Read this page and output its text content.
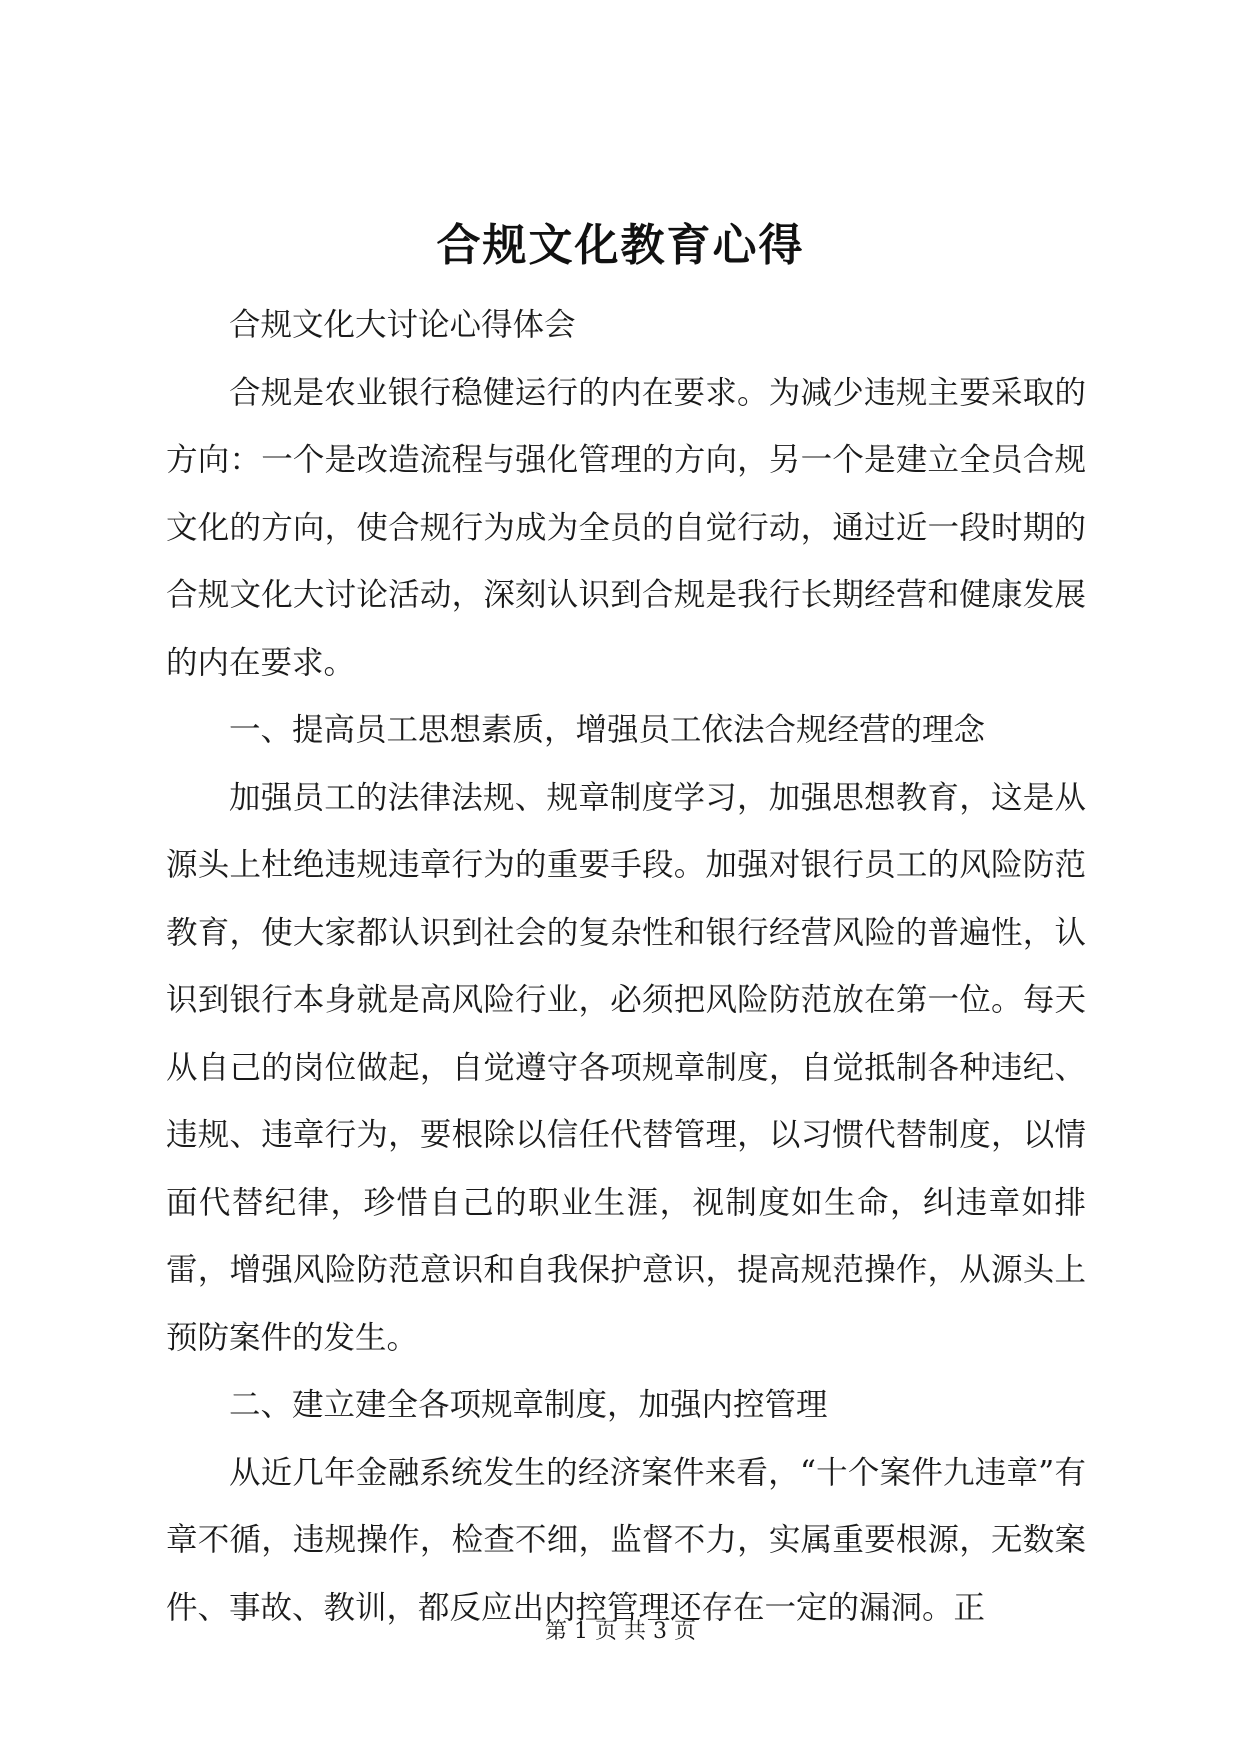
合规文化教育心得

合规文化大讨论心得体会

合规是农业银行稳健运行的内在要求。为减少违规主要采取的方向：一个是改造流程与强化管理的方向，另一个是建立全员合规文化的方向，使合规行为成为全员的自觉行动，通过近一段时期的合规文化大讨论活动，深刻认识到合规是我行长期经营和健康发展的内在要求。

一、提高员工思想素质，增强员工依法合规经营的理念

加强员工的法律法规、规章制度学习，加强思想教育，这是从源头上杜绝违规违章行为的重要手段。加强对银行员工的风险防范教育，使大家都认识到社会的复杂性和银行经营风险的普遍性，认识到银行本身就是高风险行业，必须把风险防范放在第一位。每天从自己的岗位做起，自觉遵守各项规章制度，自觉抵制各种违纪、违规、违章行为，要根除以信任代替管理，以习惯代替制度，以情面代替纪律，珍惜自己的职业生涯，视制度如生命，纠违章如排雷，增强风险防范意识和自我保护意识，提高规范操作，从源头上预防案件的发生。

二、建立建全各项规章制度，加强内控管理

从近几年金融系统发生的经济案件来看，“十个案件九违章”有章不循，违规操作，检查不细，监督不力，实属重要根源，无数案件、事故、教训，都反应出内控管理还存在一定的漏洞。正

第 1 页 共 3 页
